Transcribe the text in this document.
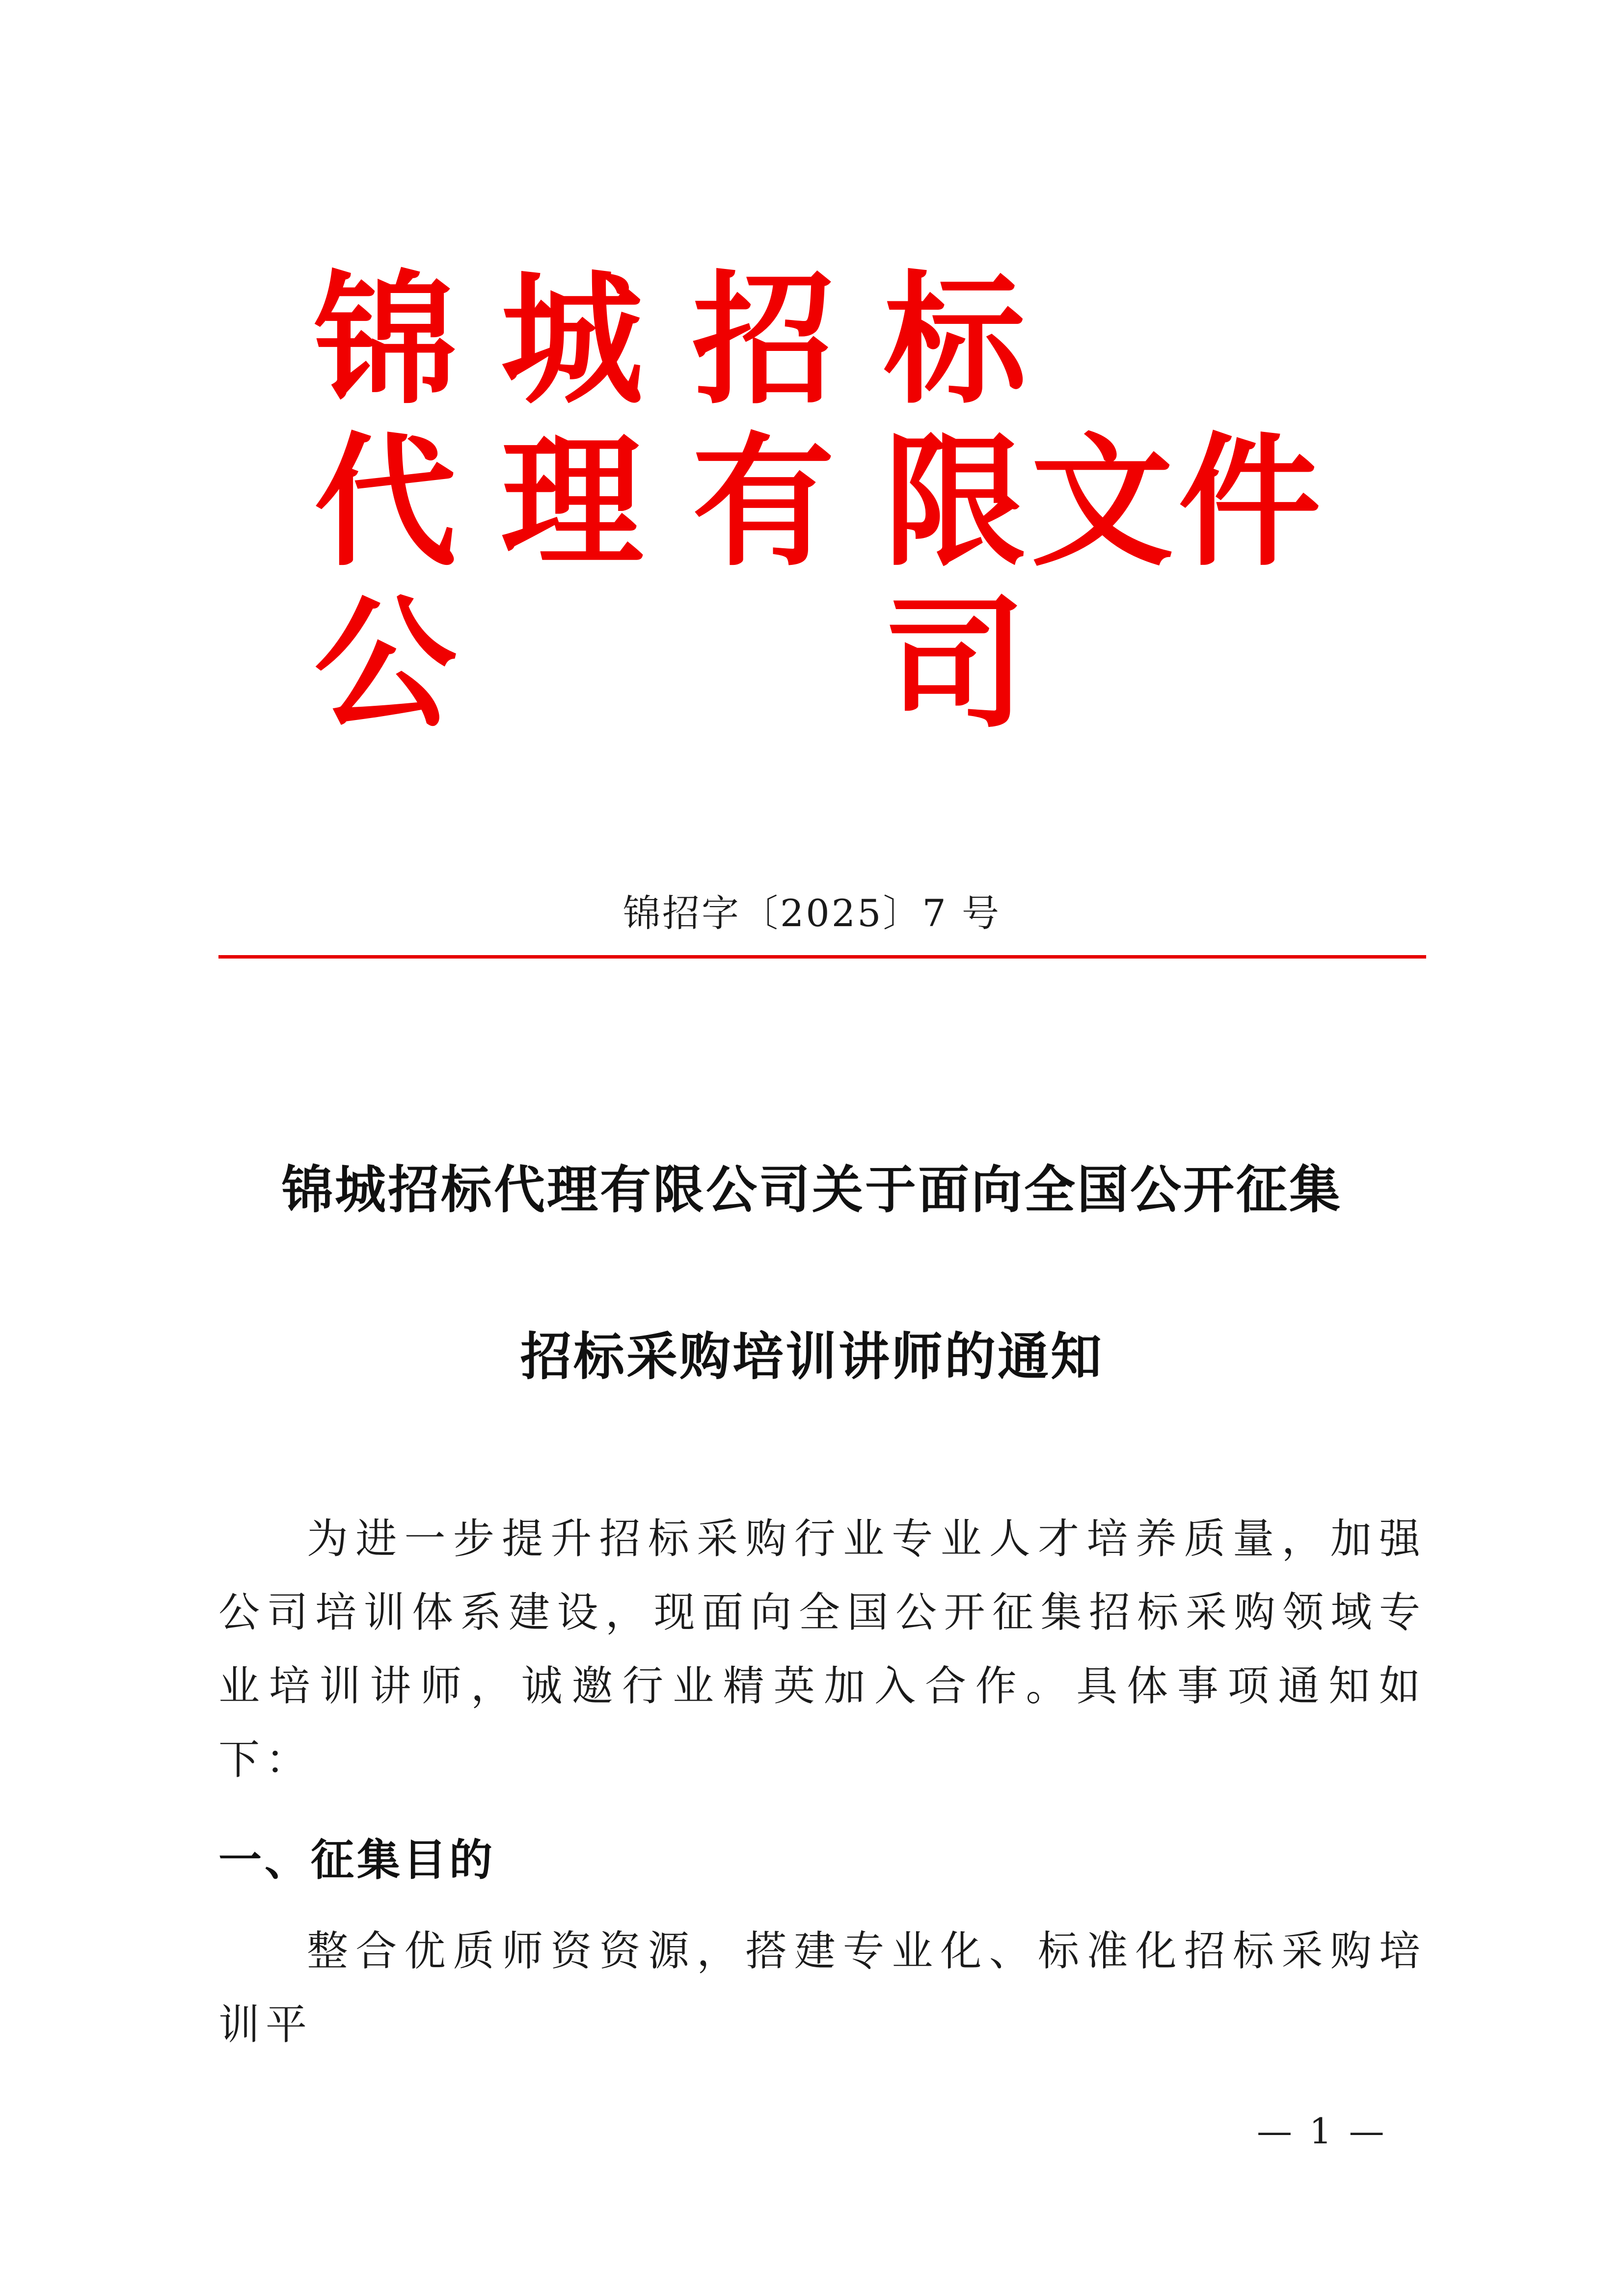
锦 城 招 标
代 理 有 限 文 件
公	司
锦招字〔2025〕7 号
锦城招标代理有限公司关于面向全国公开征集
招标采购培训讲师的通知
为进一步提升招标采购行业专业人才培养质量，加强公司培训体系建设，现面向全国公开征集招标采购领域专业培训讲师，诚邀行业精英加入合作。具体事项通知如下：
一、征集目的
整合优质师资资源，搭建专业化、标准化招标采购培训平
— 1 —
